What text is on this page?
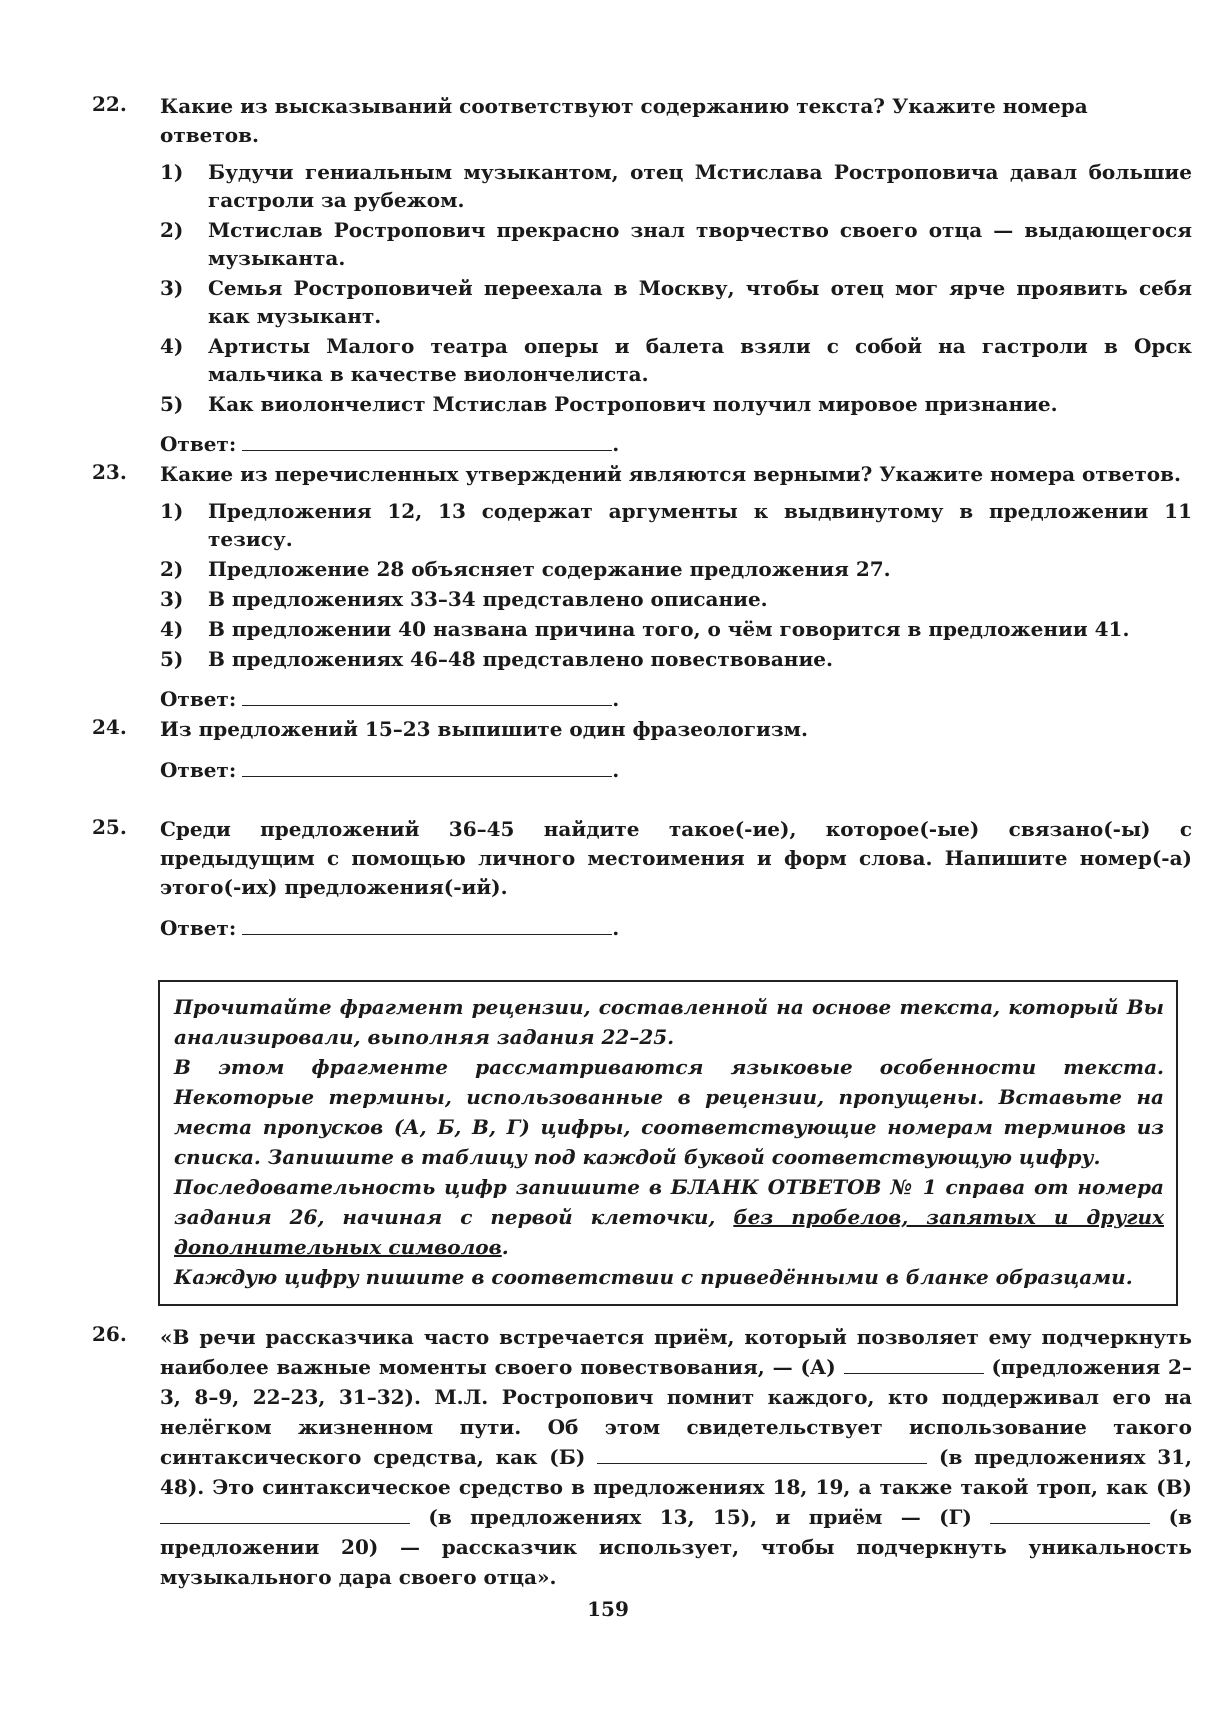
22. Какие из высказываний соответствуют содержанию текста? Укажите номера ответов.
1)	Будучи гениальным музыкантом, отец Мстислава Ростроповича давал большие гастроли за рубежом.
2)	Мстислав Ростропович прекрасно знал творчество своего отца — выдающегося музыканта.
3)	Семья Ростроповичей переехала в Москву, чтобы отец мог ярче проявить себя как музыкант.
4)	Артисты Малого театра оперы и балета взяли с собой на гастроли в Орск мальчика в качестве виолончелиста.
5)	Как виолончелист Мстислав Ростропович получил мировое признание.
Ответ:	.
23. Какие из перечисленных утверждений являются верными? Укажите номера ответов.
1)	Предложения 12, 13 содержат аргументы к выдвинутому в предложении 11 тезису.
2)	Предложение 28 объясняет содержание предложения 27.
3)	В предложениях 33–34 представлено описание.
4)	В предложении 40 названа причина того, о чём говорится в предложении 41.
5)	В предложениях 46–48 представлено повествование.
Ответ:	.
24. Из предложений 15–23 выпишите один фразеологизм.
Ответ:	.
25. Среди предложений 36–45 найдите такое(-ие), которое(-ые) связано(-ы) с предыдущим с помощью личного местоимения и форм слова. Напишите номер(-а) этого(-их) предложения(-ий).
Ответ:	.

Прочитайте фрагмент рецензии, составленной на основе текста, который Вы анализировали, выполняя задания 22–25.

В этом фрагменте рассматриваются языковые особенности текста. Некоторые термины, использованные в рецензии, пропущены. Вставьте на места пропусков (А, Б, В, Г) цифры, соответствующие номерам терминов из списка. Запишите в таблицу под каждой буквой соответствующую цифру.

Последовательность цифр запишите в БЛАНК ОТВЕТОВ № 1 справа от номера задания 26, начиная с первой клеточки, без пробелов, запятых и других дополнительных символов.

Каждую цифру пишите в соответствии с приведёнными в бланке образцами.

26. «В речи рассказчика часто встречается приём, который позволяет ему подчеркнуть наиболее важные моменты своего повествования, — (А)	(предложения 2–3, 8–9, 22–23, 31–32). М.Л. Ростропович помнит каждого, кто поддерживал его на нелёгком жизненном пути. Об этом свидетельствует использование такого синтаксического средства, как (Б)	(в предложениях 31, 48). Это синтаксическое средство в предложениях 18, 19, а также такой троп, как (В)  (в предложениях 13, 15), и приём — (Г)	(в предложении 20) — рассказчик использует, чтобы подчеркнуть уникальность музыкального дара своего отца».
159
